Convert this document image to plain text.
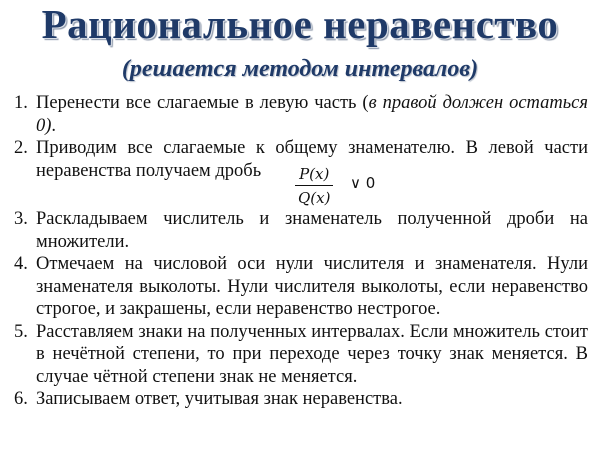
Рациональное неравенство
(решается методом интервалов)
1. Перенести все слагаемые в левую часть (в правой должен остаться 0).
2. Приводим все слагаемые к общему знаменателю. В левой части неравенства получаем дробь $\frac{P(x)}{Q(x)}$ ∨ 0
3. Раскладываем числитель и знаменатель полученной дроби на множители.
4. Отмечаем на числовой оси нули числителя и знаменателя. Нули знаменателя выколоты. Нули числителя выколоты, если неравенство строгое, и закрашены, если неравенство нестрогое.
5. Расставляем знаки на полученных интервалах. Если множитель стоит в нечётной степени, то при переходе через точку знак меняется. В случае чётной степени знак не меняется.
6. Записываем ответ, учитывая знак неравенства.
